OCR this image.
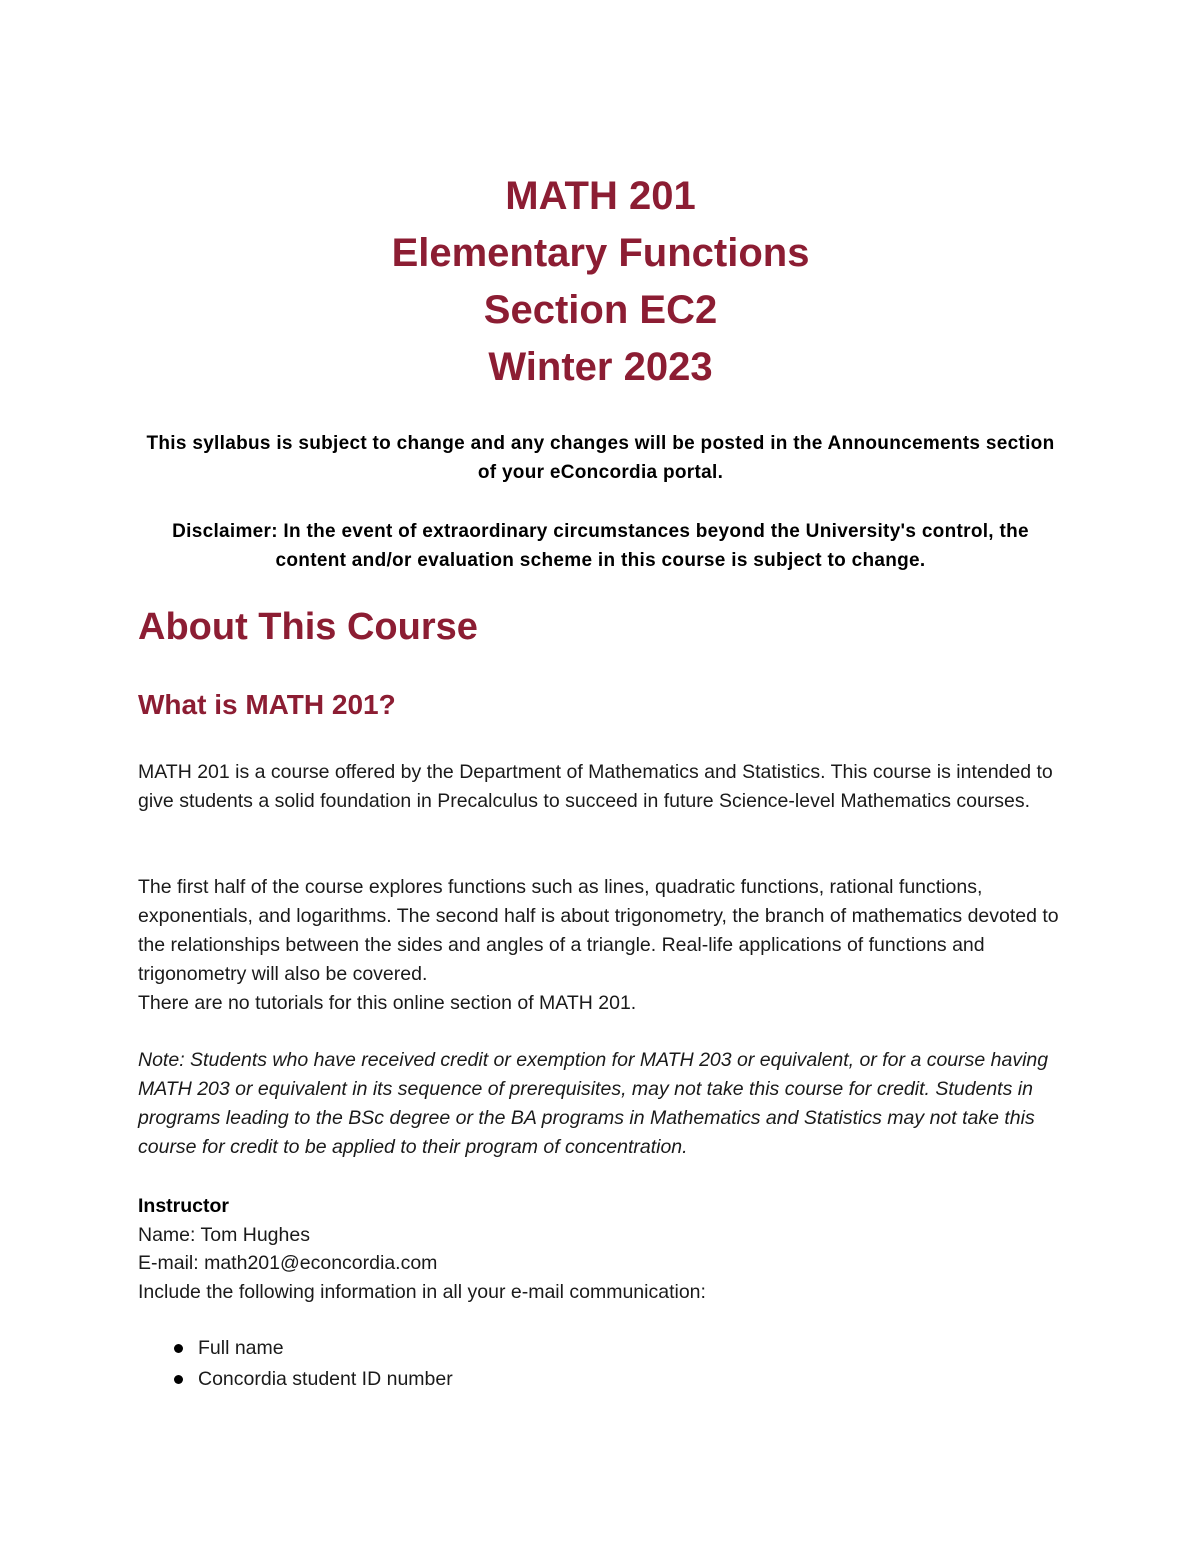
MATH 201
Elementary Functions
Section EC2
Winter 2023
This syllabus is subject to change and any changes will be posted in the Announcements section of your eConcordia portal.
Disclaimer: In the event of extraordinary circumstances beyond the University's control, the content and/or evaluation scheme in this course is subject to change.
About This Course
What is MATH 201?

MATH 201 is a course offered by the Department of Mathematics and Statistics. This course is intended to give students a solid foundation in Precalculus to succeed in future Science-level Mathematics courses.

The first half of the course explores functions such as lines, quadratic functions, rational functions, exponentials, and logarithms. The second half is about trigonometry, the branch of mathematics devoted to the relationships between the sides and angles of a triangle. Real-life applications of functions and trigonometry will also be covered.

There are no tutorials for this online section of MATH 201.

Note: Students who have received credit or exemption for MATH 203 or equivalent, or for a course having MATH 203 or equivalent in its sequence of prerequisites, may not take this course for credit. Students in programs leading to the BSc degree or the BA programs in Mathematics and Statistics may not take this course for credit to be applied to their program of concentration.

Instructor
Name: Tom Hughes
E-mail: math201@econcordia.com
Include the following information in all your e-mail communication:
Full name
Concordia student ID number
